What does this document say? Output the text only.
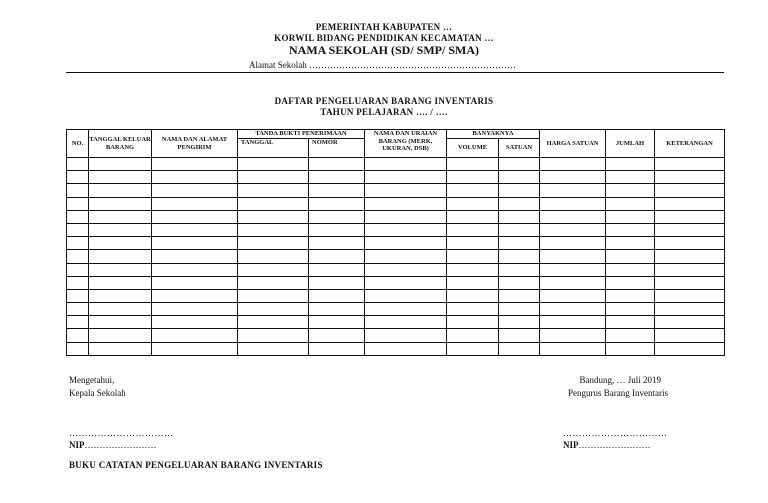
PEMERINTAH KABUPATEN …
KORWIL BIDANG PENDIDIKAN KECAMATAN …
NAMA SEKOLAH (SD/ SMP/ SMA)
Alamat Sekolah ……………………………………………………………
DAFTAR PENGELUARAN BARANG INVENTARIS
TAHUN PELAJARAN …. / ….
NO.	TANGGAL KELUAR BARANG	NAMA DAN ALAMAT PENGIRIM	TANDA BUKTI PENERIMAAN		NAMA DAN URAIAN BARANG (MERK, UKURAN, DSB)	BANYAKNYA		HARGA SATUAN	JUMLAH	KETERANGAN
			TANGGAL	NOMOR		VOLUME	SATUAN			

Mengetahui,
Kepala Sekolah
Bandung, … Juli 2019
Pengurus Barang Inventaris
……………………………	……………………………
NIP……………………	NIP……………………
BUKU CATATAN PENGELUARAN BARANG INVENTARIS
